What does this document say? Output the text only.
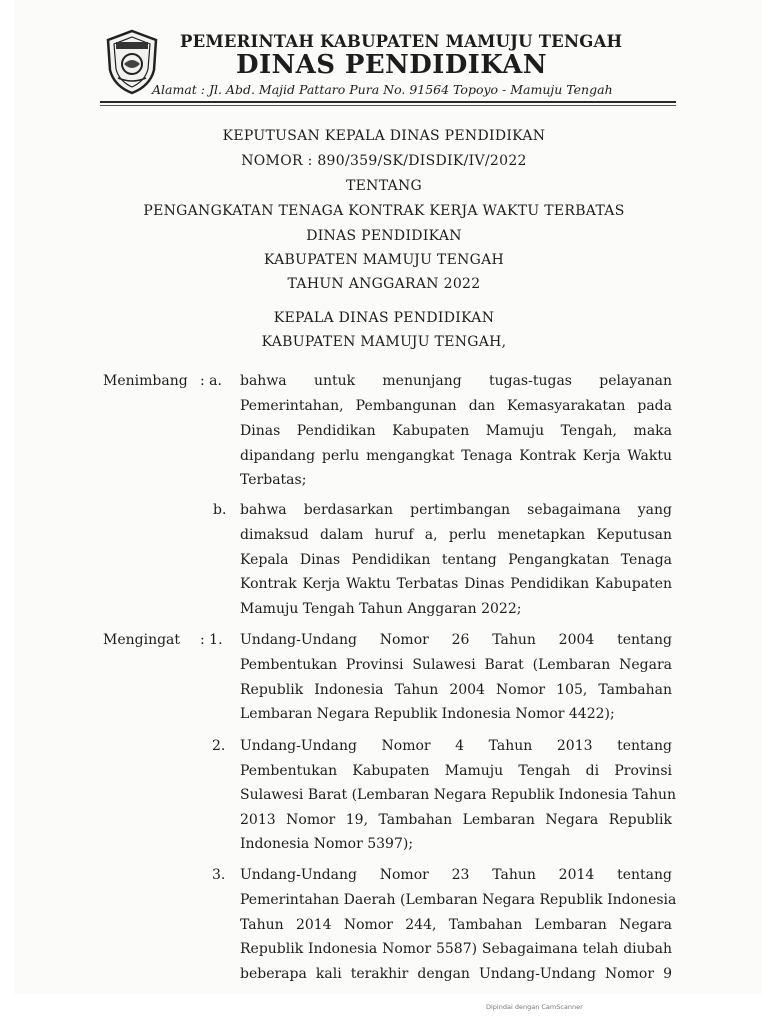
PEMERINTAH KABUPATEN MAMUJU TENGAH
DINAS PENDIDIKAN
Alamat : Jl. Abd. Majid Pattaro Pura No. 91564 Topoyo - Mamuju Tengah
KEPUTUSAN KEPALA DINAS PENDIDIKAN
NOMOR : 890/359/SK/DISDIK/IV/2022
TENTANG
PENGANGKATAN TENAGA KONTRAK KERJA WAKTU TERBATAS
DINAS PENDIDIKAN
KABUPATEN MAMUJU TENGAH
TAHUN ANGGARAN 2022
KEPALA DINAS PENDIDIKAN
KABUPATEN MAMUJU TENGAH,
Menimbang : a. bahwa untuk menunjang tugas-tugas pelayanan
Pemerintahan, Pembangunan dan Kemasyarakatan pada
Dinas Pendidikan Kabupaten Mamuju Tengah, maka
dipandang perlu mengangkat Tenaga Kontrak Kerja Waktu
Terbatas;
b. bahwa berdasarkan pertimbangan sebagaimana yang
dimaksud dalam huruf a, perlu menetapkan Keputusan
Kepala Dinas Pendidikan tentang Pengangkatan Tenaga
Kontrak Kerja Waktu Terbatas Dinas Pendidikan Kabupaten
Mamuju Tengah Tahun Anggaran 2022;
Mengingat : 1. Undang-Undang Nomor 26 Tahun 2004 tentang
Pembentukan Provinsi Sulawesi Barat (Lembaran Negara
Republik Indonesia Tahun 2004 Nomor 105, Tambahan
Lembaran Negara Republik Indonesia Nomor 4422);
2. Undang-Undang Nomor 4 Tahun 2013 tentang
Pembentukan Kabupaten Mamuju Tengah di Provinsi
Sulawesi Barat (Lembaran Negara Republik Indonesia Tahun
2013 Nomor 19, Tambahan Lembaran Negara Republik
Indonesia Nomor 5397);
3. Undang-Undang Nomor 23 Tahun 2014 tentang
Pemerintahan Daerah (Lembaran Negara Republik Indonesia
Tahun 2014 Nomor 244, Tambahan Lembaran Negara
Republik Indonesia Nomor 5587) Sebagaimana telah diubah
beberapa kali terakhir dengan Undang-Undang Nomor 9
Dipindai dengan CamScanner
